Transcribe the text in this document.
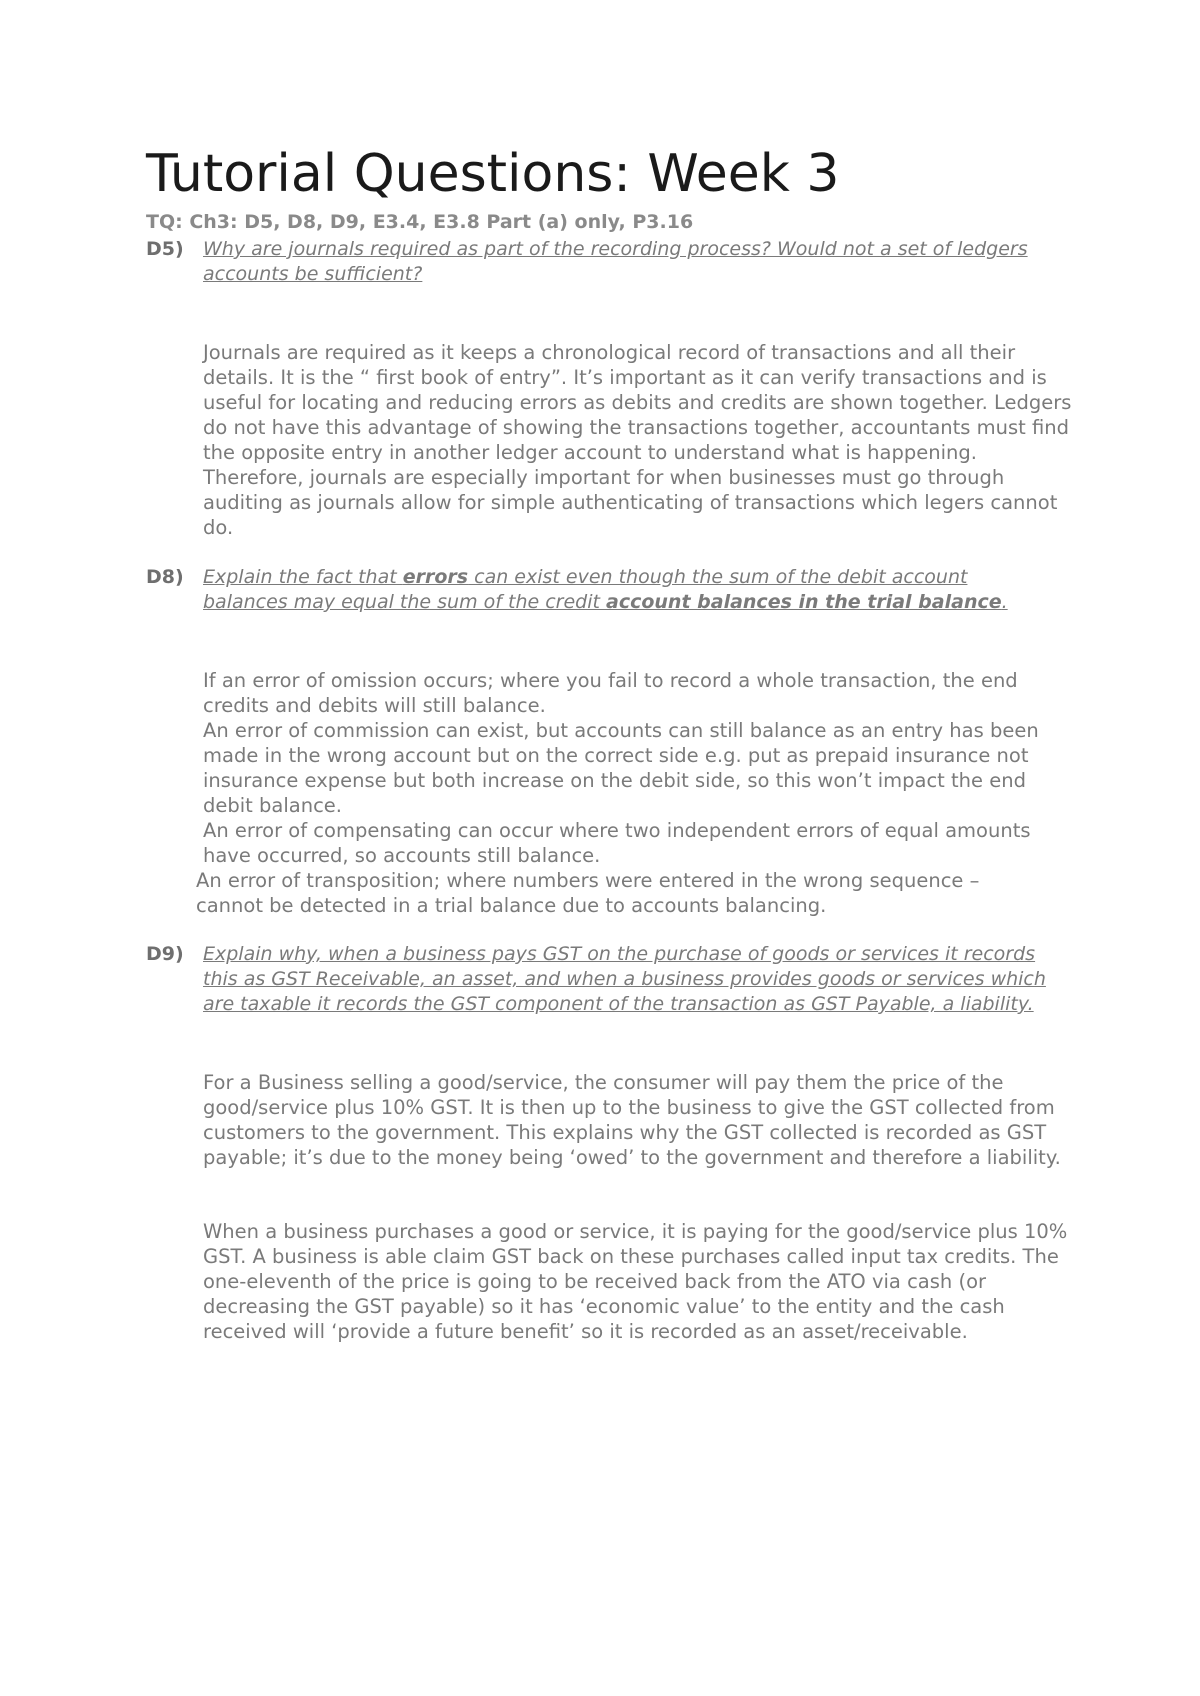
Tutorial Questions: Week 3
TQ: Ch3: D5, D8, D9, E3.4, E3.8 Part (a) only, P3.16
D5) Why are journals required as part of the recording process? Would not a set of ledgers
accounts be sufficient?
Journals are required as it keeps a chronological record of transactions and all their details. It is the “ first book of entry”. It’s important as it can verify transactions and is useful for locating and reducing errors as debits and credits are shown together. Ledgers do not have this advantage of showing the transactions together, accountants must find the opposite entry in another ledger account to understand what is happening. Therefore, journals are especially important for when businesses must go through auditing as journals allow for simple authenticating of transactions which legers cannot do.
D8) Explain the fact that errors can exist even though the sum of the debit account balances may equal the sum of the credit account balances in the trial balance.
If an error of omission occurs; where you fail to record a whole transaction, the end credits and debits will still balance.
An error of commission can exist, but accounts can still balance as an entry has been made in the wrong account but on the correct side e.g. put as prepaid insurance not insurance expense but both increase on the debit side, so this won’t impact the end debit balance.
An error of compensating can occur where two independent errors of equal amounts have occurred, so accounts still balance.
An error of transposition; where numbers were entered in the wrong sequence –
cannot be detected in a trial balance due to accounts balancing.
D9) Explain why, when a business pays GST on the purchase of goods or services it records this as GST Receivable, an asset, and when a business provides goods or services which are taxable it records the GST component of the transaction as GST Payable, a liability.
For a Business selling a good/service, the consumer will pay them the price of the good/service plus 10% GST. It is then up to the business to give the GST collected from customers to the government. This explains why the GST collected is recorded as GST payable; it’s due to the money being ‘owed’ to the government and therefore a liability.
When a business purchases a good or service, it is paying for the good/service plus 10% GST. A business is able claim GST back on these purchases called input tax credits. The one-eleventh of the price is going to be received back from the ATO via cash (or decreasing the GST payable) so it has ‘economic value’ to the entity and the cash received will ‘provide a future benefit’ so it is recorded as an asset/receivable.
